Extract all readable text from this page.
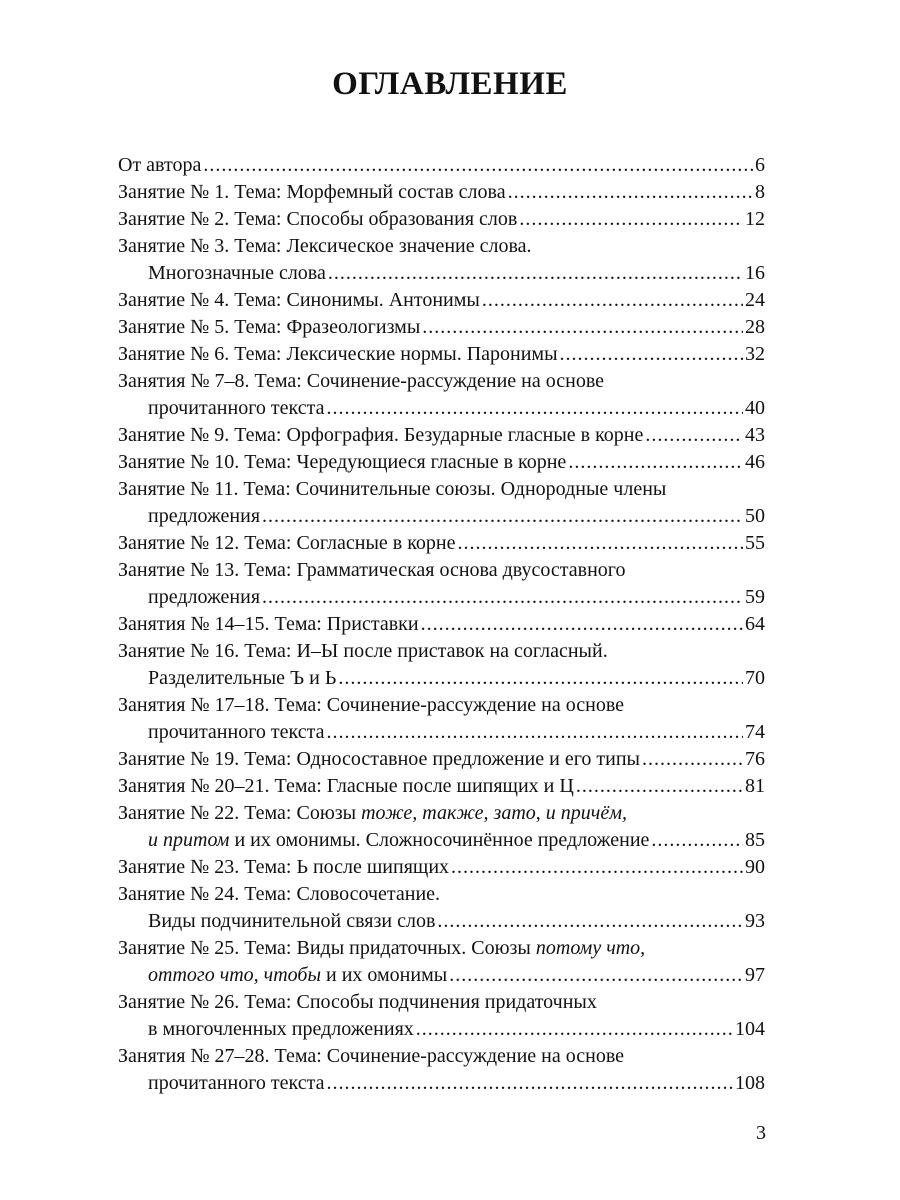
ОГЛАВЛЕНИЕ
От автора .....	6
Занятие № 1. Тема: Морфемный состав слова .....	8
Занятие № 2. Тема: Способы образования слов .....	12
Занятие № 3. Тема: Лексическое значение слова.
Многозначные слова .....	16
Занятие № 4. Тема: Синонимы. Антонимы .....	24
Занятие № 5. Тема: Фразеологизмы .....	28
Занятие № 6. Тема: Лексические нормы. Паронимы .....	32
Занятия № 7–8. Тема: Сочинение-рассуждение на основе
прочитанного текста .....	40
Занятие № 9. Тема: Орфография. Безударные гласные в корне .....	43
Занятие № 10. Тема: Чередующиеся гласные в корне .....	46
Занятие № 11. Тема: Сочинительные союзы. Однородные члены
предложения .....	50
Занятие № 12. Тема: Согласные в корне .....	55
Занятие № 13. Тема: Грамматическая основа двусоставного
предложения .....	59
Занятия № 14–15. Тема: Приставки .....	64
Занятие № 16. Тема: И–Ы после приставок на согласный.
Разделительные Ъ и Ь .....	70
Занятия № 17–18. Тема: Сочинение-рассуждение на основе
прочитанного текста .....	74
Занятие № 19. Тема: Односоставное предложение и его типы .....	76
Занятия № 20–21. Тема: Гласные после шипящих и Ц .....	81
Занятие № 22. Тема: Союзы тоже, также, зато, и причём,
и притом и их омонимы. Сложносочинённое предложение .....	85
Занятие № 23. Тема: Ь после шипящих .....	90
Занятие № 24. Тема: Словосочетание.
Виды подчинительной связи слов .....	93
Занятие № 25. Тема: Виды придаточных. Союзы потому что,
оттого что, чтобы и их омонимы .....	97
Занятие № 26. Тема: Способы подчинения придаточных
в многочленных предложениях .....	104
Занятия № 27–28. Тема: Сочинение-рассуждение на основе
прочитанного текста .....	108
3
